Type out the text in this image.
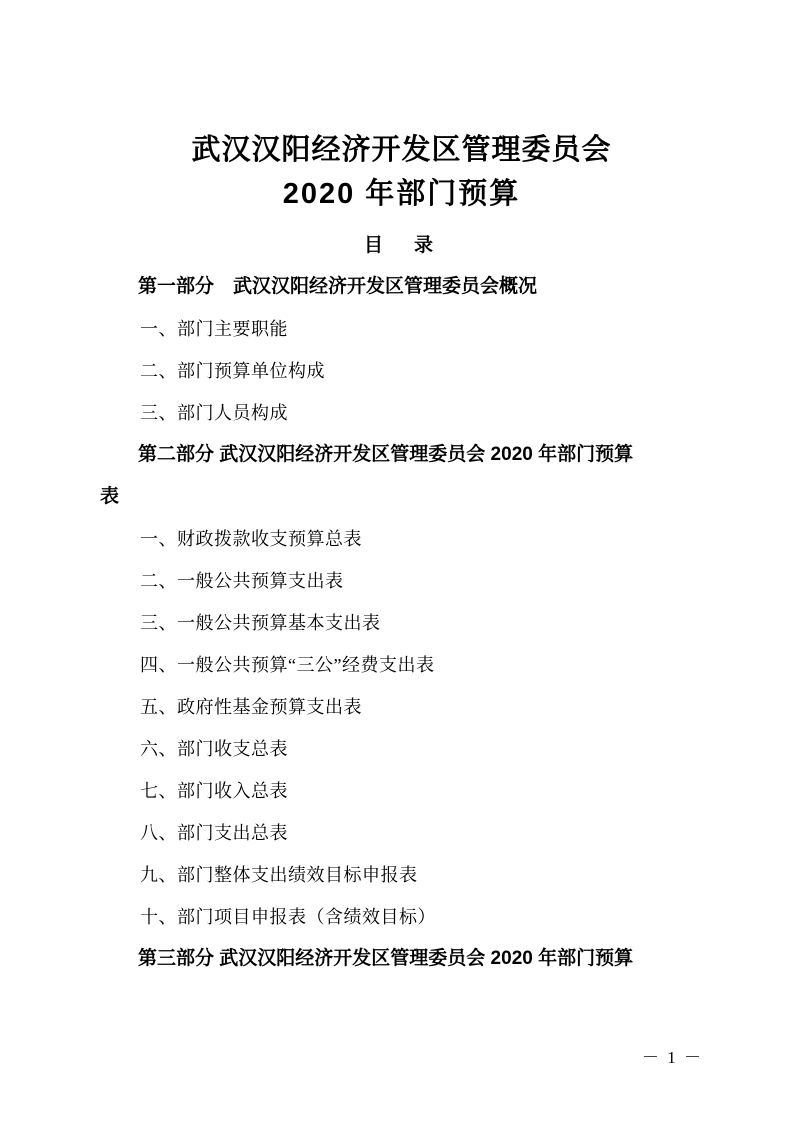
武汉汉阳经济开发区管理委员会
2020 年部门预算
目　录
第一部分　武汉汉阳经济开发区管理委员会概况
一、部门主要职能
二、部门预算单位构成
三、部门人员构成
第二部分 武汉汉阳经济开发区管理委员会 2020 年部门预算
表
一、财政拨款收支预算总表
二、一般公共预算支出表
三、一般公共预算基本支出表
四、一般公共预算“三公”经费支出表
五、政府性基金预算支出表
六、部门收支总表
七、部门收入总表
八、部门支出总表
九、部门整体支出绩效目标申报表
十、部门项目申报表（含绩效目标）
第三部分 武汉汉阳经济开发区管理委员会 2020 年部门预算
－ 1 －
